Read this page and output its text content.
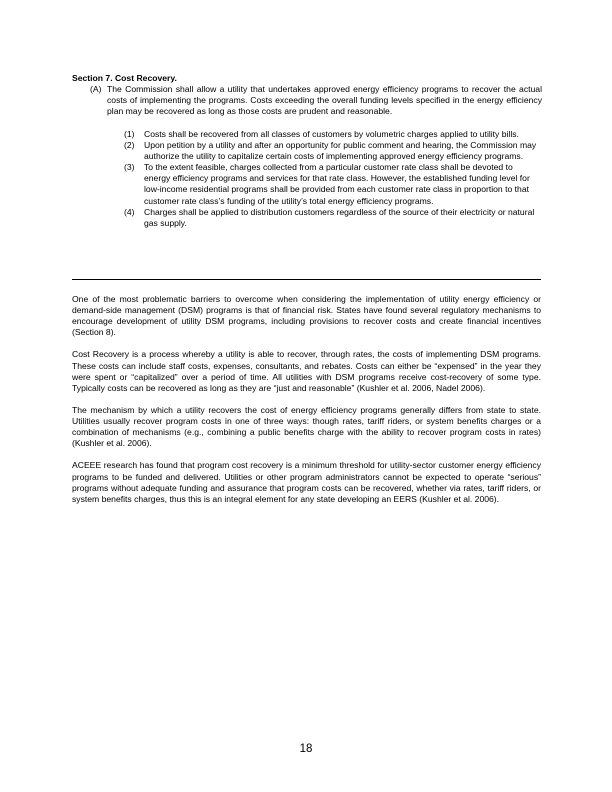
Section 7. Cost Recovery.
(A) The Commission shall allow a utility that undertakes approved energy efficiency programs to recover the actual costs of implementing the programs. Costs exceeding the overall funding levels specified in the energy efficiency plan may be recovered as long as those costs are prudent and reasonable.
(1)	Costs shall be recovered from all classes of customers by volumetric charges applied to utility bills.
(2)	Upon petition by a utility and after an opportunity for public comment and hearing, the Commission may authorize the utility to capitalize certain costs of implementing approved energy efficiency programs.
(3)	To the extent feasible, charges collected from a particular customer rate class shall be devoted to energy efficiency programs and services for that rate class. However, the established funding level for low-income residential programs shall be provided from each customer rate class in proportion to that customer rate class’s funding of the utility’s total energy efficiency programs.
(4)	Charges shall be applied to distribution customers regardless of the source of their electricity or natural gas supply.

One of the most problematic barriers to overcome when considering the implementation of utility energy efficiency or demand-side management (DSM) programs is that of financial risk. States have found several regulatory mechanisms to encourage development of utility DSM programs, including provisions to recover costs and create financial incentives (Section 8).

Cost Recovery is a process whereby a utility is able to recover, through rates, the costs of implementing DSM programs. These costs can include staff costs, expenses, consultants, and rebates. Costs can either be “expensed” in the year they were spent or “capitalized” over a period of time. All utilities with DSM programs receive cost-recovery of some type. Typically costs can be recovered as long as they are “just and reasonable” (Kushler et al. 2006, Nadel 2006).

The mechanism by which a utility recovers the cost of energy efficiency programs generally differs from state to state. Utilities usually recover program costs in one of three ways: though rates, tariff riders, or system benefits charges or a combination of mechanisms (e.g., combining a public benefits charge with the ability to recover program costs in rates) (Kushler et al. 2006).

ACEEE research has found that program cost recovery is a minimum threshold for utility-sector customer energy efficiency programs to be funded and delivered. Utilities or other program administrators cannot be expected to operate “serious” programs without adequate funding and assurance that program costs can be recovered, whether via rates, tariff riders, or system benefits charges, thus this is an integral element for any state developing an EERS (Kushler et al. 2006).

18
